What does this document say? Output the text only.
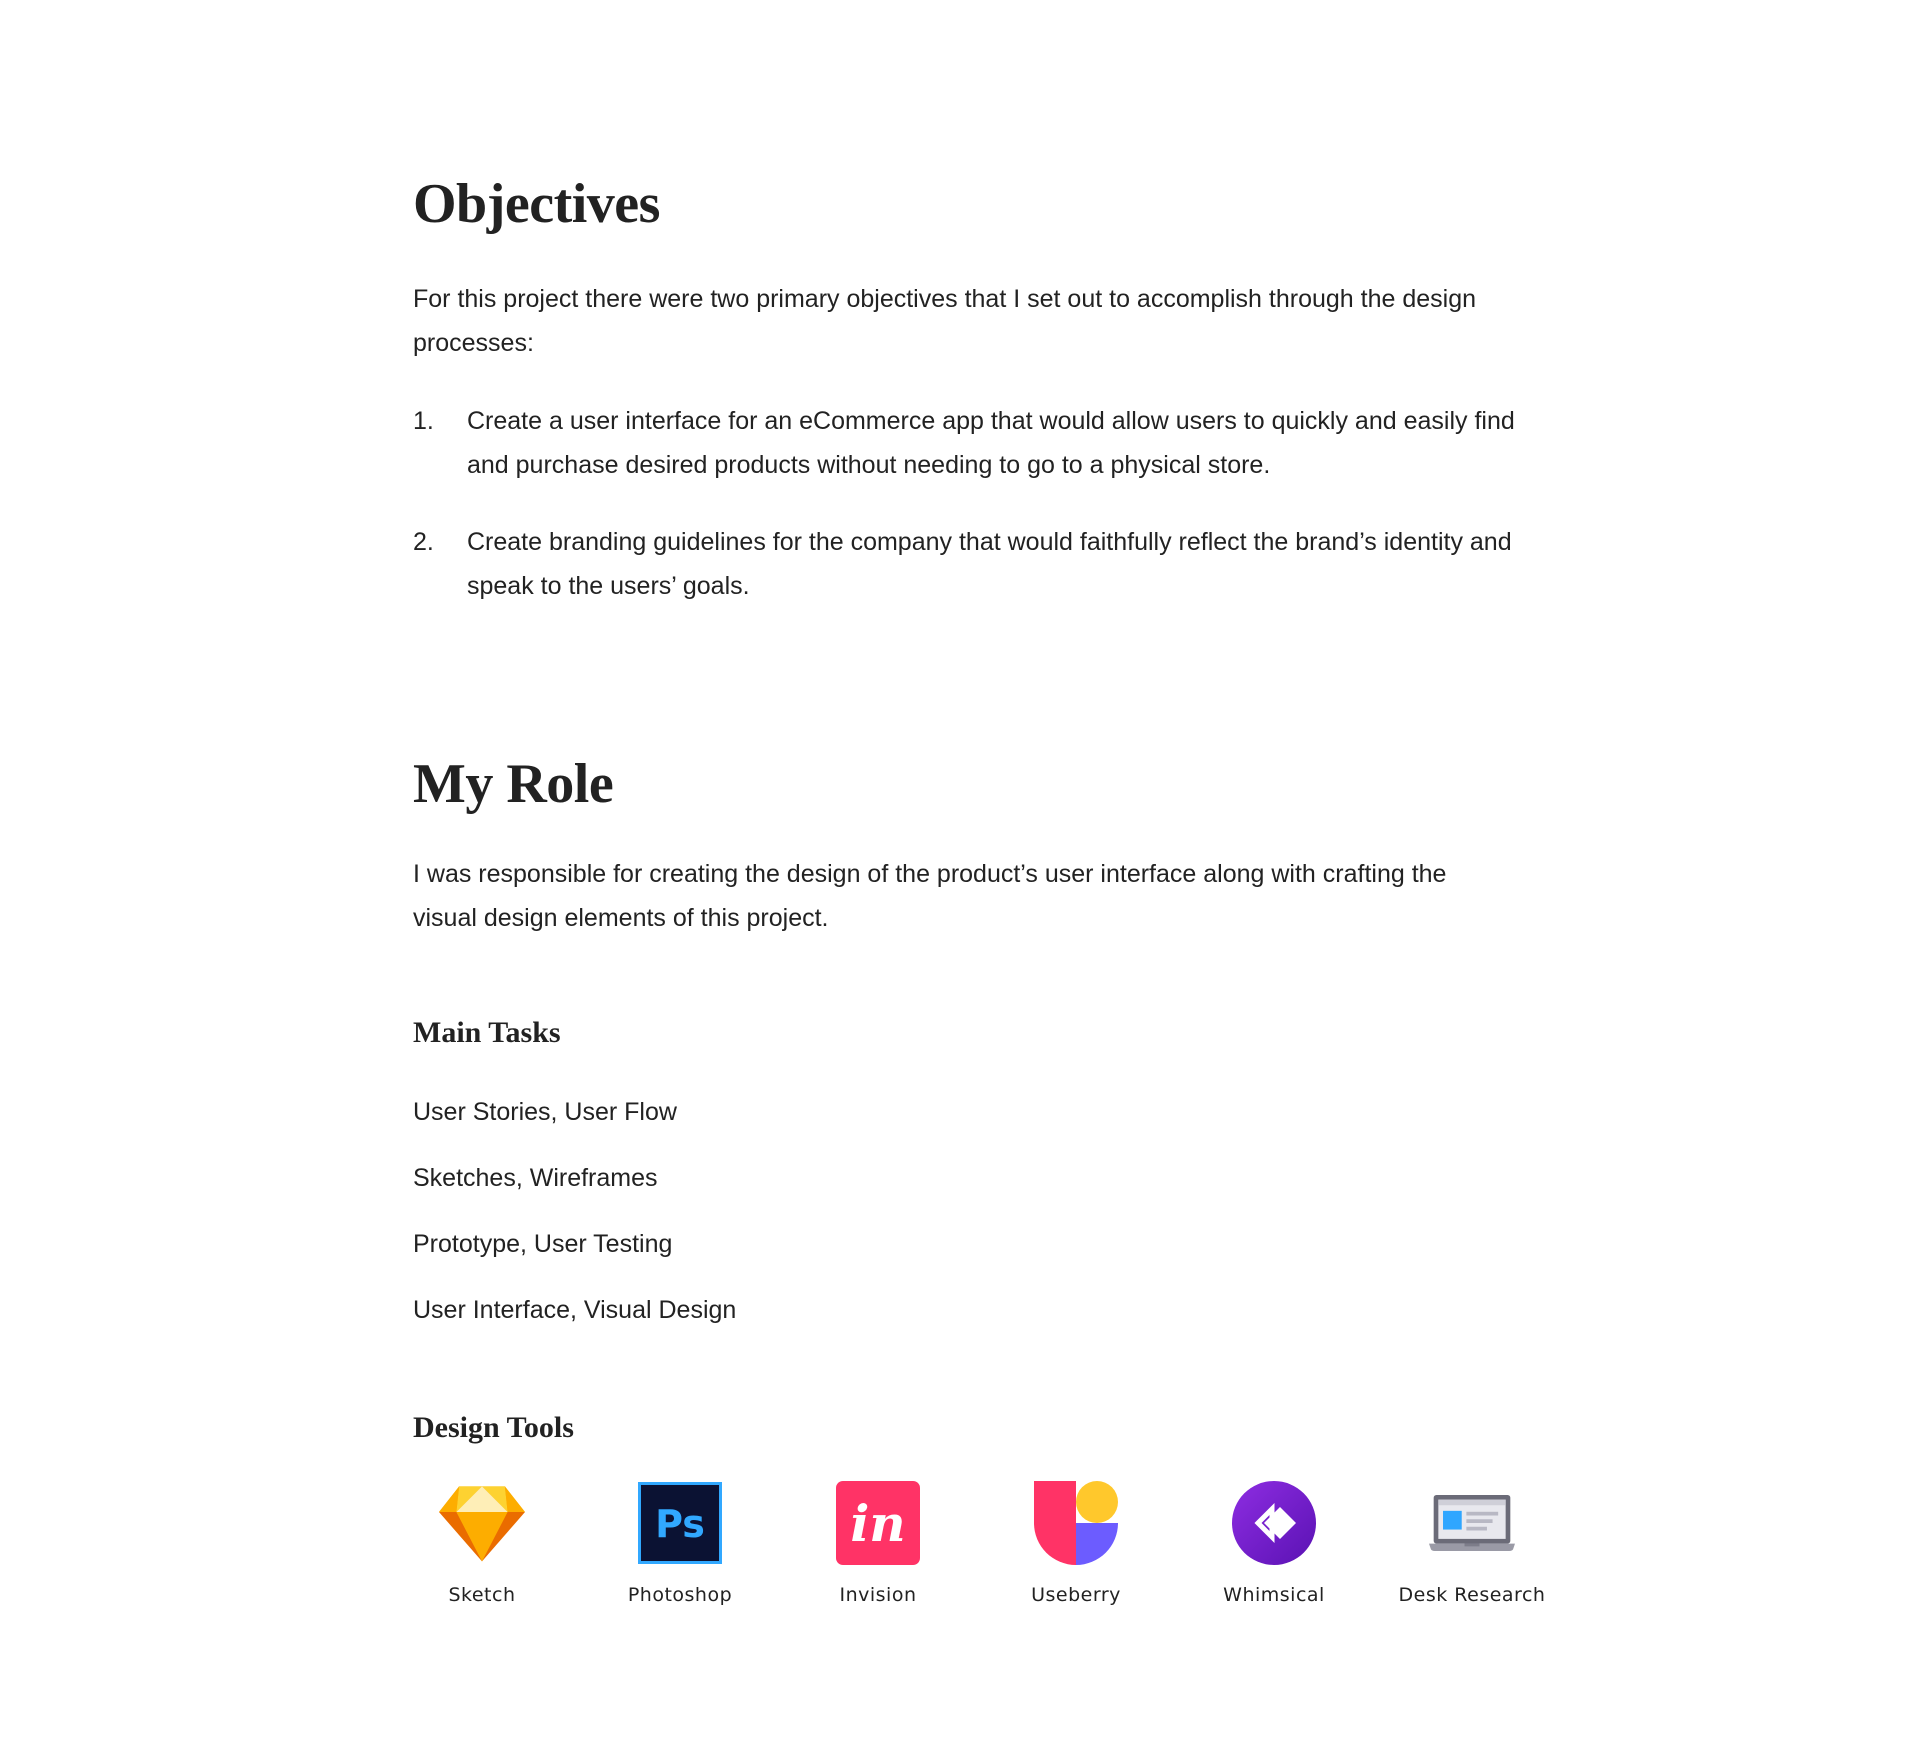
Objectives

For this project there were two primary objectives that I set out to accomplish through the design processes:

1.	Create a user interface for an eCommerce app that would allow users to quickly and easily find and purchase desired products without needing to go to a physical store.
2.	Create branding guidelines for the company that would faithfully reflect the brand’s identity and speak to the users’ goals.
My Role

I was responsible for creating the design of the product’s user interface along with crafting the visual design elements of this project.

Main Tasks
User Stories, User Flow
Sketches, Wireframes
Prototype, User Testing
User Interface, Visual Design
Design Tools
Sketch
Ps
Photoshop
in
Invision	Useberry	Whimsical	Desk Research
